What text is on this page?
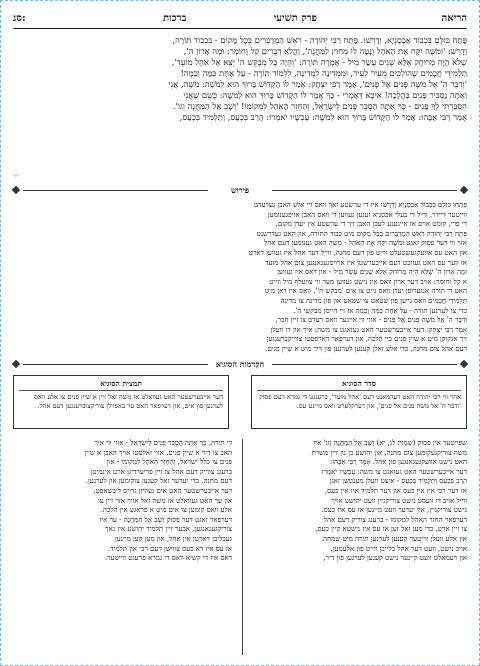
הריאה
פרק תשיעי
ברכות
סנ:
פָּתַח כּוּלָּם בִּכְבוֹד אַכְסַנְיָא, וְדָרְשׁוּ. פָּתַח רַבִּי יְהוּדָה - רֹאשׁ הַמְדַבְּרִים בְּכָל מָקוֹם - בִּכְבוֹד תּוֹרָה,
וְדָרַשׁ: 'וּמֹשֶׁה יִקַּח אֶת הָאֹהֶל וְנָטָה לוֹ מִחוּץ לַמַּחֲנֶה', וַהֲלֹא דְּבָרִים קַל וָחוֹמֶר: וּמָה אָרוֹן ה',
שֶׁלֹּא הָיָה מְרוּחָק אֶלָּא שְׁנֵים עָשָׂר מִיל - אָמְרָה תּוֹרָה: 'וְהָיָה כָּל מְבַקֵּשׁ ה' יֵצֵא אֶל אֹהֶל מוֹעֵד',
תַּלְמִידֵי חֲכָמִים שֶׁהוֹלְכִים מֵעִיר לְעִיר, וּמִמְּדִינָה לִמְדִינָה, לִלְמוֹד תּוֹרָה - עַל אַחַת כַּמָּה וְכַמָּה!
'וְדִבֶּר ה' אֶל מֹשֶׁה פָּנִים אֶל פָּנִים', אָמַר רַבִּי יִצְחָק: אָמַר לוֹ הַקָּדוֹשׁ בָּרוּךְ הוּא לְמֹשֶׁה: מֹשֶׁה, אֲנִי
וְאַתָּה נַסְבִּיר פָּנִים בַּהֲלָכָה! אִיכָּא דְּאָמְרִי - כָּךְ אָמַר לוֹ הַקָּדוֹשׁ בָּרוּךְ הוּא לְמֹשֶׁה: כְּשֵׁם שֶׁאֲנִי
הִסְבַּרְתִּי לְךָ פָּנִים - כָּךְ אַתָּה הַסְבֵּר פָּנִים לְיִשְׂרָאֵל, וְהַחְזֵר הָאֹהֶל לִמְקוֹמוֹ! 'וְשָׁב אֶל הַמַּחֲנֶה וְגוֹ'.
אָמַר רַבִּי אַבָּהוּ: אָמַר לוֹ הַקָּדוֹשׁ בָּרוּךְ הוּא לְמֹשֶׁה: עַכְשָׁיו יֹאמְרוּ: הָרַב בְּכַעַס, וְתַלְמִיד בְּכַעַס,
ײַױַ
פירוש
פָּתְחוּ כוּלָּם בִּכְבוֹד אַכְסַנְיָא וְדָרְשׁוּ איז די ערשטע זאך וואס זיי אלע האבן גערעדט
ווייטער דיידר, ווייל די בעלי אכסניא זענען געווען די וואס האבן אויפגענומען
די פרי, קומט אויס אז אייגענע לעבן האבן זיך די ערשטע אין יעדן מקום,
פָּתַח רַבִּי יְהוּדָה רֹאשׁ הַמְדַבְּרִים בְּכָל מָקוֹם מיט כבוד התורה, און האט געדרשנט
אזוי ווי דער פסוק זאגט וּמֹשֶׁה יִקַּח אֶת הָאֹהֶל - משה האט גענומען דעם אהל
און האט עס אוועקגעשטעלט ווייט פון דעם מחנה, ווייל דער אהל איז געווען דארט
אז ווער עס האט געזוכט דעם אייבערשטן איז ארויסגעגאנגען צום אהל מועד
וּמָה אָרוֹן ה' שֶׁלֹּא הָיָה מְרוּחָק אֶלָּא שְׁנֵים עָשָׂר מִיל - און דאס איז געווען
א קל וחומר: אויב דער ארון וואס איז נישט געווען מער ווי צוועלף מיל ווייט
האט די תורה אנגערופן יעדן וואס גייט צו אים 'מבקש ה'', וואס איז דאן מיט
תַּלְמִידֵי חֲכָמִים וואס גייען פון שטאט צו שטאט און פון מדינה צו מדינה
כדי צו לערנען תורה - עַל אַחַת כַּמָּה וְכַמָּה אז זיי הייסן מבקשי ה'.
וְדִבֶּר ה' אֶל מֹשֶׁה פָּנִים אֶל פָּנִים - אזוי ווי איינער וואס רעדט צו זיין חבר,
אָמַר רַבִּי יִצְחָק: דער אייבערשטער האט געזאגט צו משה: איך און דו וועלן
זיך אנקוקן מיט א שיין פנים ביי הלכה, און דערפאר דארפסטו צוריקברענגען
דעם אהל צום מחנה, כדי אלע זאלן קענען לערנען פון דיר מיט א שיין פנים.
הקדמות הסוגיא
סדר הסוגיא
אחר ווי רבי יהודה האט דערמאנט דעם 'אהל מועד', ברענגט די גמרא דעם פסוק 'ודבר ה' אל משה פנים אל פנים', און דערקלערט וואס מיינט עס.
תמצית הסוגיא
דער אייבערשטער האט געוואלט אז משה זאל זיין א שיין פנים צו אלע וואס לערנען פון אים, און דערפאר האט ער באפוילן צוריקצוברענגען דעם אהל.
שפּייטער אין פסוק (שמות לג, יא) וְשָׁב אֶל הַמַּחֲנֶה וְגוֹ' איז
משה צוריקגעקומען צום מחנה, און יהושע בן נון זיין משרת
האט נישט אוועקגעגאנגען פון אהל. אָמַר רַבִּי אַבָּהוּ:
דער אייבערשטער האט געזאגט צו משה: עַכְשָׁיו יֹאמְרוּ
הָרַב בְּכַעַס וְתַלְמִיד בְּכַעַס - איצט וועלן מענטשן זאגן
אז דער רבי איז אין כעס און דער תלמיד איז אין כעס,
ווייל אויב דו וועסט נישט צוריקגיין וועט יהושע אויך
נישט צוריקגיין, און יעדער וועט מיינען אז עס איז כעס.
דערפאר החזר האהל למקומו - ברענג צוריק דעם אהל
צו זיין ארט, כדי מען זאל זען אז עס איז נישטא קיין כעס,
און אלע וועלן ווייטער קענען לערנען תורה מיט שמחה.
אויב נישט, וועט דער אהל בלייבן ווייט פון אלעמען,
און דעמאלט וועט קיינער נישט קענען לערנען פון דיר,
די תורה, כָּךְ אַתָּה הַסְבֵּר פָּנִים לְיִשְׂרָאֵל - אזוי ווי איך
האב צו דיר א שיין פנים, אזוי זאלסטו אויך האבן א שיין
פנים צו כלל ישראל, וְהַחְזֵר הָאֹהֶל לִמְקוֹמוֹ - און
ברענג צוריק דעם אהל צו זיין פריערדיגן ארט אינמיטן
דעם מחנה, כדי יעדער זאל קענען צוקומען און לערנען.
דער אייבערשטער האט אים געוויזן גרויס ליבשאפט,
און ער האט געוואלט אז משה זאל אויך אזוי זיין צו
אלע וואס קומען צו אים מיט א פראגע אין הלכה.
דערפאר זאגט דער פסוק וְשָׁב אֶל הַמַּחֲנֶה - ער איז
צוריקגעגאנגען, אבער זיין תלמיד יהושע איז נאך
געבליבן דארטן אין אהל, און מען קען מיינען
אז עס איז דא כעס צווישן דעם רבי און תלמיד.
דאס איז די קשיא וואס די גמרא פרעגט ווייטער.
